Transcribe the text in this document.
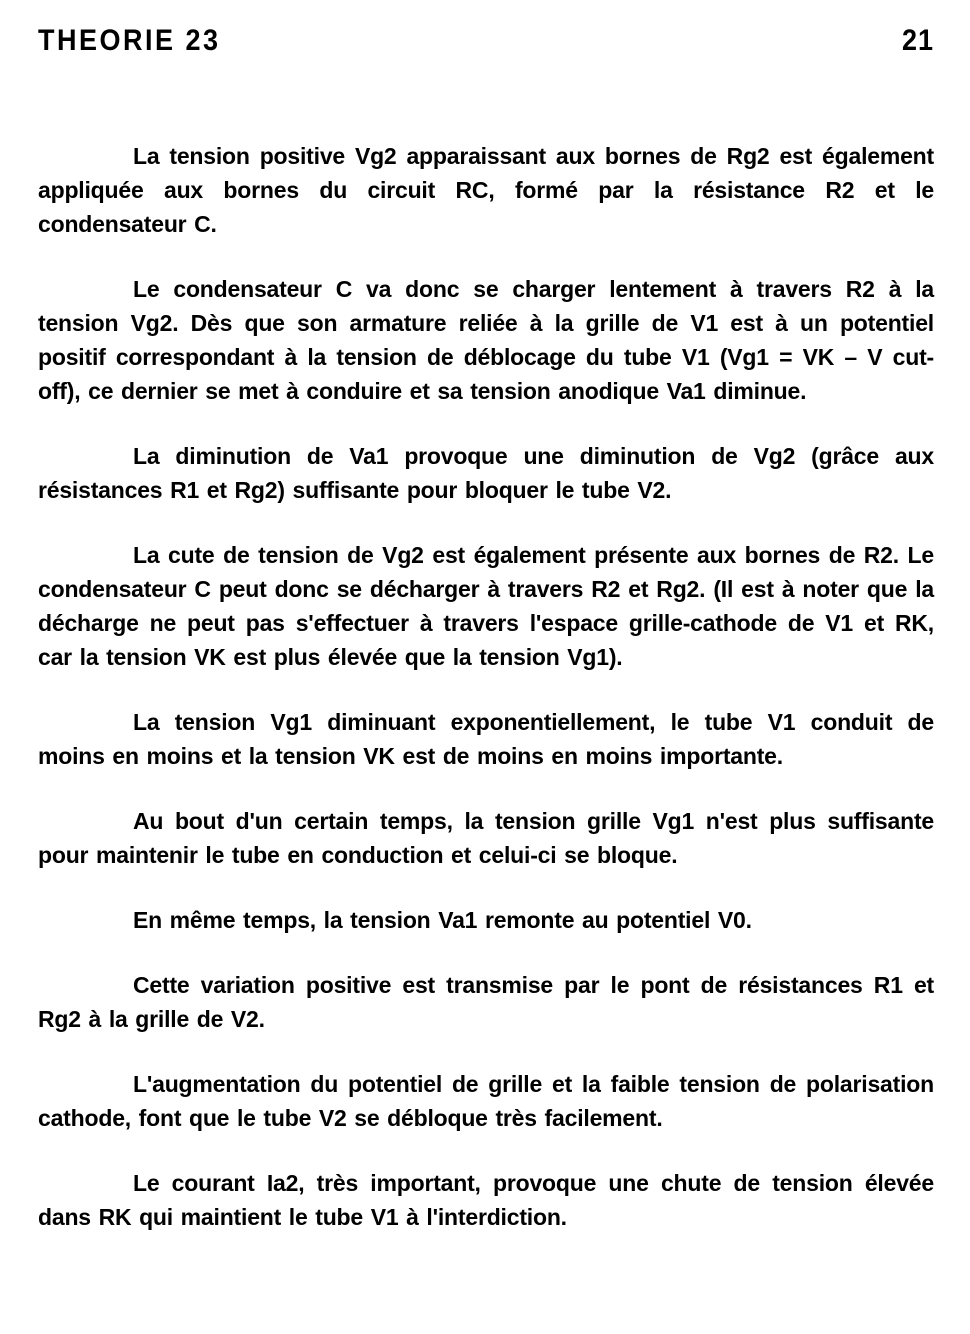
THEORIE 23	21

La tension positive Vg2 apparaissant aux bornes de Rg2 est également appliquée aux bornes du circuit RC, formé par la résistance R2 et le condensateur C.

Le condensateur C va donc se charger lentement à travers R2 à la tension Vg2. Dès que son armature reliée à la grille de V1 est à un potentiel positif correspondant à la tension de déblocage du tube V1 (Vg1 = VK – V cut-off), ce dernier se met à conduire et sa tension anodique Va1 diminue.

La diminution de Va1 provoque une diminution de Vg2 (grâce aux résistances R1 et Rg2) suffisante pour bloquer le tube V2.

La cute de tension de Vg2 est également présente aux bornes de R2. Le condensateur C peut donc se décharger à travers R2 et Rg2. (Il est à noter que la décharge ne peut pas s'effectuer à travers l'espace grille-cathode de V1 et RK, car la tension VK est plus élevée que la tension Vg1).

La tension Vg1 diminuant exponentiellement, le tube V1 conduit de moins en moins et la tension VK est de moins en moins importante.

Au bout d'un certain temps, la tension grille Vg1 n'est plus suffisante pour maintenir le tube en conduction et celui-ci se bloque.

En même temps, la tension Va1 remonte au potentiel V0.

Cette variation positive est transmise par le pont de résistances R1 et Rg2 à la grille de V2.

L'augmentation du potentiel de grille et la faible tension de polarisation cathode, font que le tube V2 se débloque très facilement.

Le courant Ia2, très important, provoque une chute de tension élevée dans RK qui maintient le tube V1 à l'interdiction.
